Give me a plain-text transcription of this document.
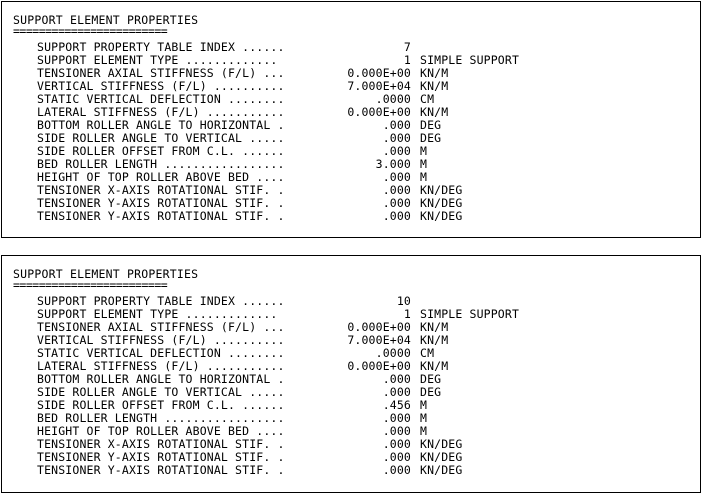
SUPPORT ELEMENT PROPERTIES
========================
SUPPORT PROPERTY TABLE INDEX ......	7
SUPPORT ELEMENT TYPE .............	1 SIMPLE SUPPORT
TENSIONER AXIAL STIFFNESS (F/L) ...	0.000E+00 KN/M
VERTICAL STIFFNESS (F/L) ..........	7.000E+04 KN/M
STATIC VERTICAL DEFLECTION ........	.0000 CM
LATERAL STIFFNESS (F/L) ...........	0.000E+00 KN/M
BOTTOM ROLLER ANGLE TO HORIZONTAL .	.000 DEG
SIDE ROLLER ANGLE TO VERTICAL .....	.000 DEG
SIDE ROLLER OFFSET FROM C.L. ......	.000 M
BED ROLLER LENGTH .................	3.000 M
HEIGHT OF TOP ROLLER ABOVE BED ....	.000 M
TENSIONER X-AXIS ROTATIONAL STIF. .	.000 KN/DEG
TENSIONER Y-AXIS ROTATIONAL STIF. .	.000 KN/DEG
TENSIONER Y-AXIS ROTATIONAL STIF. .	.000 KN/DEG
SUPPORT ELEMENT PROPERTIES
========================
SUPPORT PROPERTY TABLE INDEX ......	10
SUPPORT ELEMENT TYPE .............	1 SIMPLE SUPPORT
TENSIONER AXIAL STIFFNESS (F/L) ...	0.000E+00 KN/M
VERTICAL STIFFNESS (F/L) ..........	7.000E+04 KN/M
STATIC VERTICAL DEFLECTION ........	.0000 CM
LATERAL STIFFNESS (F/L) ...........	0.000E+00 KN/M
BOTTOM ROLLER ANGLE TO HORIZONTAL .	.000 DEG
SIDE ROLLER ANGLE TO VERTICAL .....	.000 DEG
SIDE ROLLER OFFSET FROM C.L. ......	.456 M
BED ROLLER LENGTH .................	.000 M
HEIGHT OF TOP ROLLER ABOVE BED ....	.000 M
TENSIONER X-AXIS ROTATIONAL STIF. .	.000 KN/DEG
TENSIONER Y-AXIS ROTATIONAL STIF. .	.000 KN/DEG
TENSIONER Y-AXIS ROTATIONAL STIF. .	.000 KN/DEG
